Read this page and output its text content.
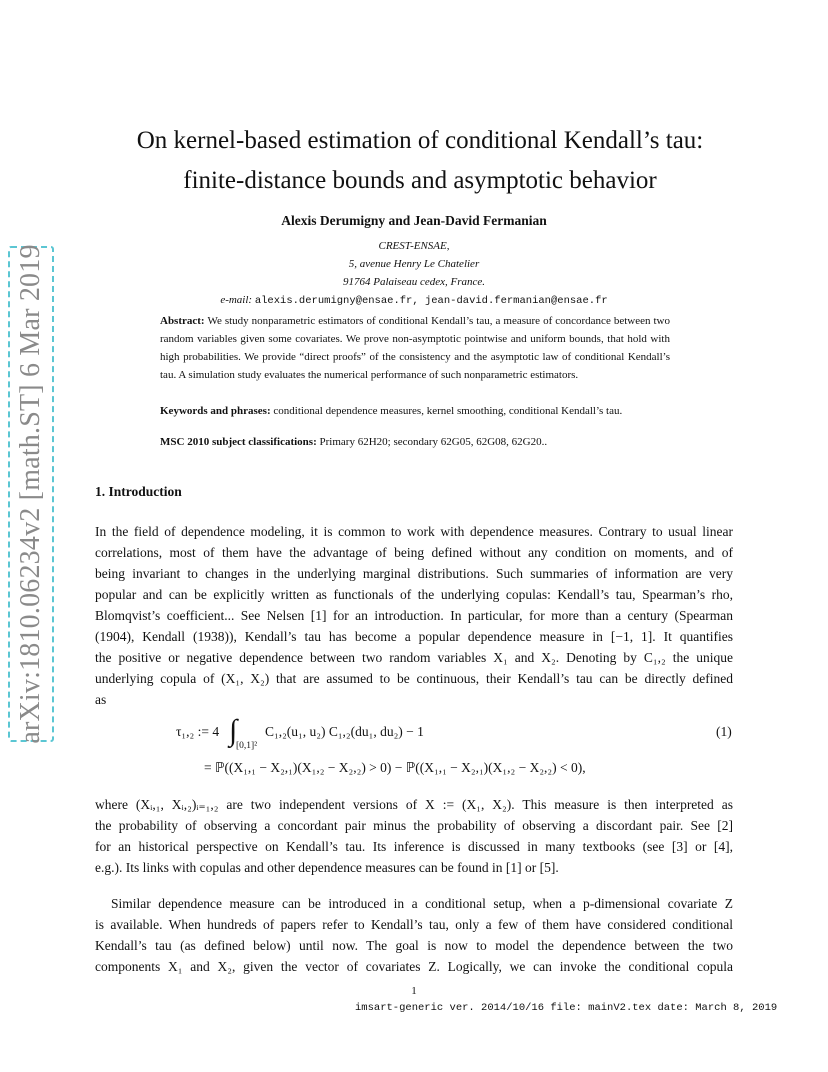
arXiv:1810.06234v2 [math.ST] 6 Mar 2019
On kernel-based estimation of conditional Kendall’s tau:
finite-distance bounds and asymptotic behavior
Alexis Derumigny and Jean-David Fermanian
CREST-ENSAE,
5, avenue Henry Le Chatelier
91764 Palaiseau cedex, France.
e-mail: alexis.derumigny@ensae.fr, jean-david.fermanian@ensae.fr
Abstract: We study nonparametric estimators of conditional Kendall’s tau, a measure of concordance between two random variables given some covariates. We prove non-asymptotic pointwise and uniform bounds, that hold with high probabilities. We provide “direct proofs” of the consistency and the asymptotic law of conditional Kendall’s tau. A simulation study evaluates the numerical performance of such nonparametric estimators.
Keywords and phrases: conditional dependence measures, kernel smoothing, conditional Kendall’s tau.
MSC 2010 subject classifications: Primary 62H20; secondary 62G05, 62G08, 62G20..
1. Introduction
In the field of dependence modeling, it is common to work with dependence measures. Contrary to usual linear
correlations, most of them have the advantage of being defined without any condition on moments, and of
being invariant to changes in the underlying marginal distributions. Such summaries of information are very
popular and can be explicitly written as functionals of the underlying copulas: Kendall’s tau, Spearman’s rho,
Blomqvist’s coefficient... See Nelsen [1] for an introduction. In particular, for more than a century (Spearman
(1904), Kendall (1938)), Kendall’s tau has become a popular dependence measure in [−1, 1]. It quantifies
the positive or negative dependence between two random variables X₁ and X₂. Denoting by C₁,₂ the unique
underlying copula of (X₁, X₂) that are assumed to be continuous, their Kendall’s tau can be directly defined
as
τ₁,₂ := 4 ∫
[0,1]²
C₁,₂(u₁, u₂) C₁,₂(du₁, du₂) − 1	(1)
= ℙ((X₁,₁ − X₂,₁)(X₁,₂ − X₂,₂) > 0) − ℙ((X₁,₁ − X₂,₁)(X₁,₂ − X₂,₂) < 0),
where (Xᵢ,₁, Xᵢ,₂)ᵢ₌₁,₂ are two independent versions of X := (X₁, X₂). This measure is then interpreted as
the probability of observing a concordant pair minus the probability of observing a discordant pair. See [2]
for an historical perspective on Kendall’s tau. Its inference is discussed in many textbooks (see [3] or [4],
e.g.). Its links with copulas and other dependence measures can be found in [1] or [5].
Similar dependence measure can be introduced in a conditional setup, when a p-dimensional covariate Z
is available. When hundreds of papers refer to Kendall’s tau, only a few of them have considered conditional
Kendall’s tau (as defined below) until now. The goal is now to model the dependence between the two
components X₁ and X₂, given the vector of covariates Z. Logically, we can invoke the conditional copula
1
imsart-generic ver. 2014/10/16 file: mainV2.tex date: March 8, 2019
